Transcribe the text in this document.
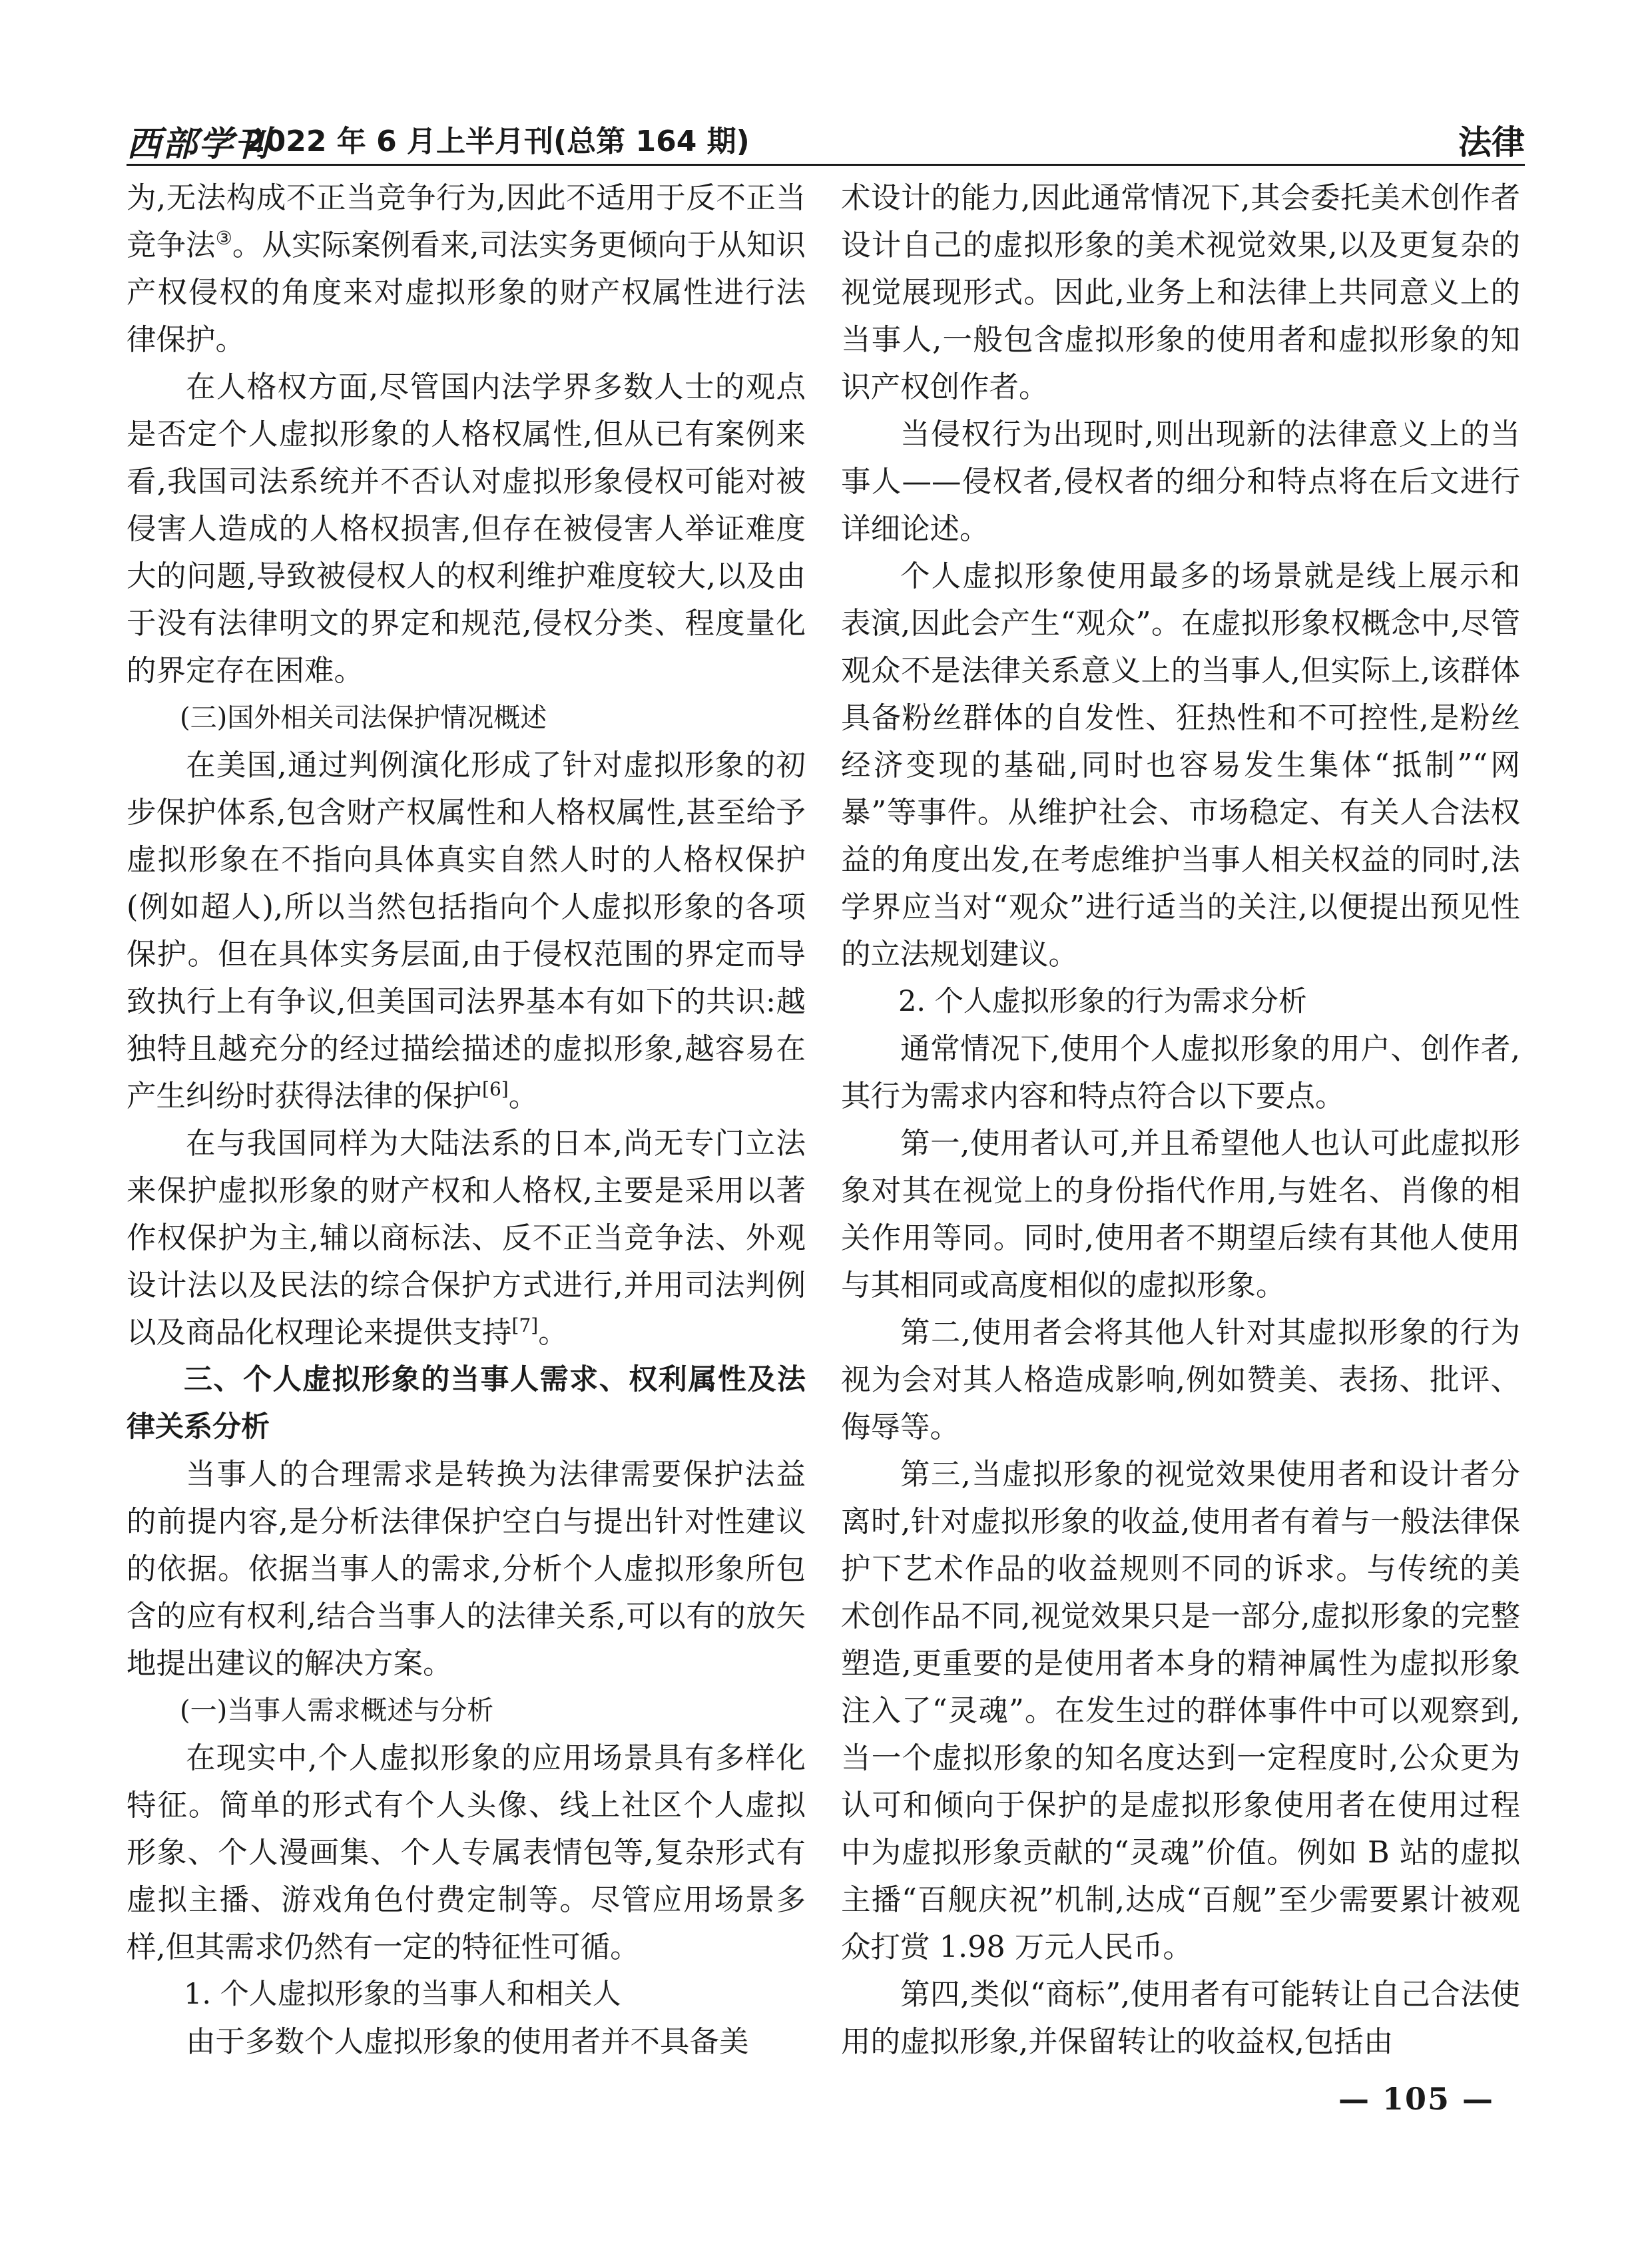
西部学刊
2022 年 6 月上半月刊(总第 164 期)	法律

为,无法构成不正当竞争行为,因此不适用于反不正当竞争法③。从实际案例看来,司法实务更倾向于从知识产权侵权的角度来对虚拟形象的财产权属性进行法律保护。

在人格权方面,尽管国内法学界多数人士的观点是否定个人虚拟形象的人格权属性,但从已有案例来看,我国司法系统并不否认对虚拟形象侵权可能对被侵害人造成的人格权损害,但存在被侵害人举证难度大的问题,导致被侵权人的权利维护难度较大,以及由于没有法律明文的界定和规范,侵权分类、程度量化的界定存在困难。

(三)国外相关司法保护情况概述

在美国,通过判例演化形成了针对虚拟形象的初步保护体系,包含财产权属性和人格权属性,甚至给予虚拟形象在不指向具体真实自然人时的人格权保护(例如超人),所以当然包括指向个人虚拟形象的各项保护。但在具体实务层面,由于侵权范围的界定而导致执行上有争议,但美国司法界基本有如下的共识:越独特且越充分的经过描绘描述的虚拟形象,越容易在产生纠纷时获得法律的保护[6]。

在与我国同样为大陆法系的日本,尚无专门立法来保护虚拟形象的财产权和人格权,主要是采用以著作权保护为主,辅以商标法、反不正当竞争法、外观设计法以及民法的综合保护方式进行,并用司法判例以及商品化权理论来提供支持[7]。

三、个人虚拟形象的当事人需求、权利属性及法律关系分析

当事人的合理需求是转换为法律需要保护法益的前提内容,是分析法律保护空白与提出针对性建议的依据。依据当事人的需求,分析个人虚拟形象所包含的应有权利,结合当事人的法律关系,可以有的放矢地提出建议的解决方案。

(一)当事人需求概述与分析

在现实中,个人虚拟形象的应用场景具有多样化特征。简单的形式有个人头像、线上社区个人虚拟形象、个人漫画集、个人专属表情包等,复杂形式有虚拟主播、游戏角色付费定制等。尽管应用场景多样,但其需求仍然有一定的特征性可循。

1. 个人虚拟形象的当事人和相关人

由于多数个人虚拟形象的使用者并不具备美

术设计的能力,因此通常情况下,其会委托美术创作者设计自己的虚拟形象的美术视觉效果,以及更复杂的视觉展现形式。因此,业务上和法律上共同意义上的当事人,一般包含虚拟形象的使用者和虚拟形象的知识产权创作者。

当侵权行为出现时,则出现新的法律意义上的当事人——侵权者,侵权者的细分和特点将在后文进行详细论述。

个人虚拟形象使用最多的场景就是线上展示和表演,因此会产生“观众”。在虚拟形象权概念中,尽管观众不是法律关系意义上的当事人,但实际上,该群体具备粉丝群体的自发性、狂热性和不可控性,是粉丝经济变现的基础,同时也容易发生集体“抵制”“网暴”等事件。从维护社会、市场稳定、有关人合法权益的角度出发,在考虑维护当事人相关权益的同时,法学界应当对“观众”进行适当的关注,以便提出预见性的立法规划建议。

2. 个人虚拟形象的行为需求分析

通常情况下,使用个人虚拟形象的用户、创作者,其行为需求内容和特点符合以下要点。

第一,使用者认可,并且希望他人也认可此虚拟形象对其在视觉上的身份指代作用,与姓名、肖像的相关作用等同。同时,使用者不期望后续有其他人使用与其相同或高度相似的虚拟形象。

第二,使用者会将其他人针对其虚拟形象的行为视为会对其人格造成影响,例如赞美、表扬、批评、侮辱等。

第三,当虚拟形象的视觉效果使用者和设计者分离时,针对虚拟形象的收益,使用者有着与一般法律保护下艺术作品的收益规则不同的诉求。与传统的美术创作品不同,视觉效果只是一部分,虚拟形象的完整塑造,更重要的是使用者本身的精神属性为虚拟形象注入了“灵魂”。在发生过的群体事件中可以观察到,当一个虚拟形象的知名度达到一定程度时,公众更为认可和倾向于保护的是虚拟形象使用者在使用过程中为虚拟形象贡献的“灵魂”价值。例如 B 站的虚拟主播“百舰庆祝”机制,达成“百舰”至少需要累计被观众打赏 1.98 万元人民币。

第四,类似“商标”,使用者有可能转让自己合法使用的虚拟形象,并保留转让的收益权,包括由

— 105 —
